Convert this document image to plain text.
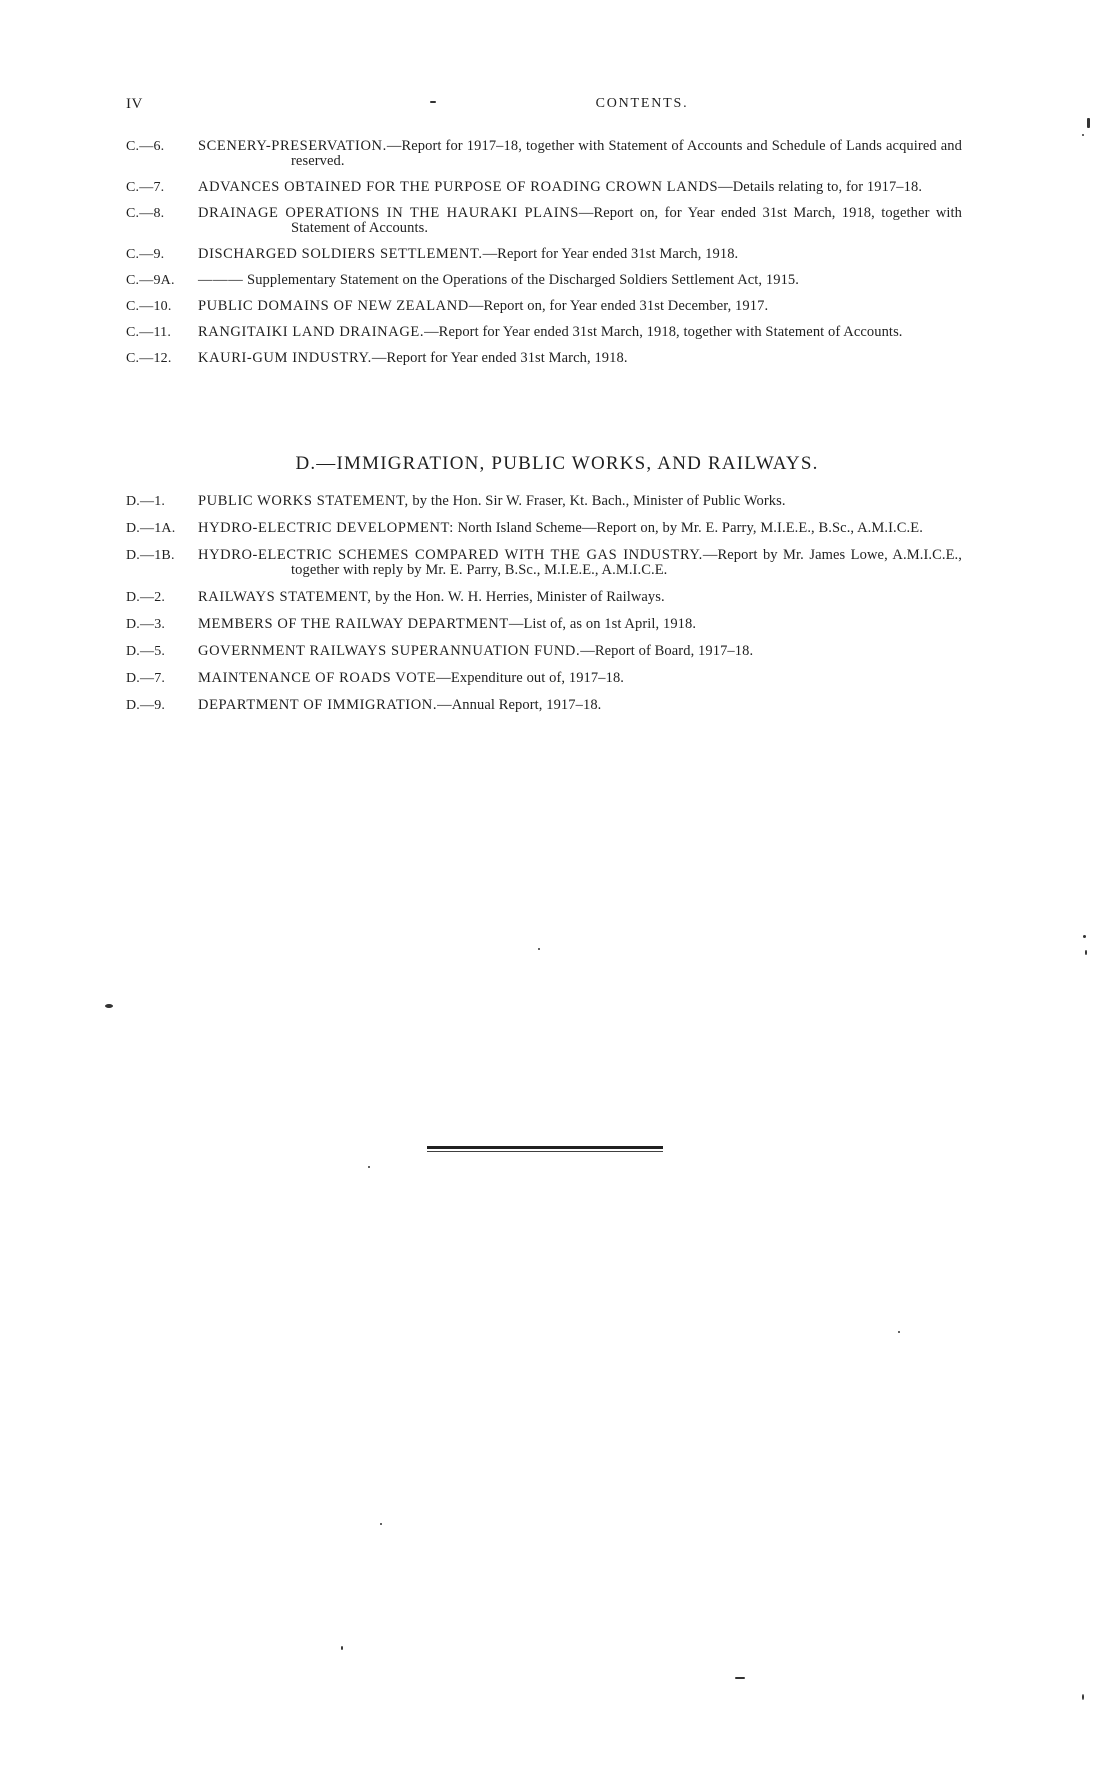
IV	CONTENTS.
C.—6.	SCENERY-PRESERVATION.—Report for 1917–18, together with Statement of Accounts and Schedule of Lands acquired and reserved.
C.—7.	ADVANCES OBTAINED FOR THE PURPOSE OF ROADING CROWN LANDS—Details relating to, for 1917–18.
C.—8.	DRAINAGE OPERATIONS IN THE HAURAKI PLAINS—Report on, for Year ended 31st March, 1918, together with Statement of Accounts.
C.—9.	DISCHARGED SOLDIERS SETTLEMENT.—Report for Year ended 31st March, 1918.
C.—9A.	——— Supplementary Statement on the Operations of the Discharged Soldiers Settlement Act, 1915.
C.—10.	PUBLIC DOMAINS OF NEW ZEALAND—Report on, for Year ended 31st December, 1917.
C.—11.	RANGITAIKI LAND DRAINAGE.—Report for Year ended 31st March, 1918, together with Statement of Accounts.
C.—12.	KAURI-GUM INDUSTRY.—Report for Year ended 31st March, 1918.
D.—IMMIGRATION, PUBLIC WORKS, AND RAILWAYS.
D.—1.	PUBLIC WORKS STATEMENT, by the Hon. Sir W. Fraser, Kt. Bach., Minister of Public Works.
D.—1A.	HYDRO-ELECTRIC DEVELOPMENT: North Island Scheme—Report on, by Mr. E. Parry, M.I.E.E., B.Sc., A.M.I.C.E.
D.—1B.	HYDRO-ELECTRIC SCHEMES COMPARED WITH THE GAS INDUSTRY.—Report by Mr. James Lowe, A.M.I.C.E., together with reply by Mr. E. Parry, B.Sc., M.I.E.E., A.M.I.C.E.
D.—2.	RAILWAYS STATEMENT, by the Hon. W. H. Herries, Minister of Railways.
D.—3.	MEMBERS OF THE RAILWAY DEPARTMENT—List of, as on 1st April, 1918.
D.—5.	GOVERNMENT RAILWAYS SUPERANNUATION FUND.—Report of Board, 1917–18.
D.—7.	MAINTENANCE OF ROADS VOTE—Expenditure out of, 1917–18.
D.—9.	DEPARTMENT OF IMMIGRATION.—Annual Report, 1917–18.
